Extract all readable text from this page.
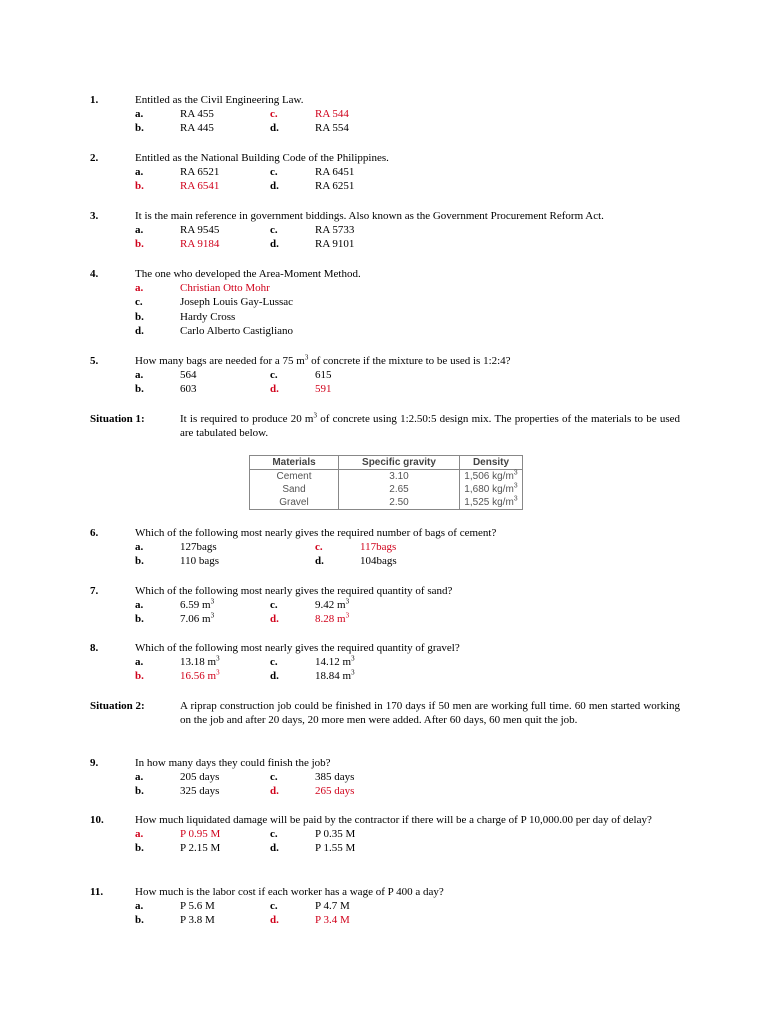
1.	Entitled as the Civil Engineering Law.
a.	RA 455	c.	RA 544
b.	RA 445	d.	RA 554
2.	Entitled as the National Building Code of the Philippines.
a.	RA 6521	c.	RA 6451
b.	RA 6541	d.	RA 6251
3.	It is the main reference in government biddings. Also known as the Government Procurement Reform Act.
a.	RA 9545	c.	RA 5733
b.	RA 9184	d.	RA 9101
4.	The one who developed the Area-Moment Method.
a.	Christian Otto Mohr
c.	Joseph Louis Gay-Lussac
b.	Hardy Cross
d.	Carlo Alberto Castigliano
5.	How many bags are needed for a 75 $m^3$ of concrete if the mixture to be used is 1:2:4?
a.	564	c.	615
b.	603	d.	591
Situation 1:	It is required to produce 20 $m^3$ of concrete using 1:2.50:5 design mix. The properties of the materials to be used are tabulated below.
Materials	Specific gravity	Density
Cement	3.10	1,506 $kg/m^3$
Sand	2.65	1,680 $kg/m^3$
Gravel	2.50	1,525 $kg/m^3$
6.	Which of the following most nearly gives the required number of bags of cement?
a.	127bags	c.	117bags
b.	110 bags	d.	104bags
7.	Which of the following most nearly gives the required quantity of sand?
a.	6.59 $m^3$	c.	9.42 $m^3$
b.	7.06 $m^3$	d.	8.28 $m^3$
8.	Which of the following most nearly gives the required quantity of gravel?
a.	13.18 $m^3$	c.	14.12 $m^3$
b.	16.56 $m^3$	d.	18.84 $m^3$
Situation 2:	A riprap construction job could be finished in 170 days if 50 men are working full time. 60 men started working on the job and after 20 days, 20 more men were added. After 60 days, 60 men quit the job.
9.	In how many days they could finish the job?
a.	205 days	c.	385 days
b.	325 days	d.	265 days
10.	How much liquidated damage will be paid by the contractor if there will be a charge of P 10,000.00 per day of delay?
a.	P 0.95 M	c.	P 0.35 M
b.	P 2.15 M	d.	P 1.55 M
11.	How much is the labor cost if each worker has a wage of P 400 a day?
a.	P 5.6 M	c.	P 4.7 M
b.	P 3.8 M	d.	P 3.4 M
